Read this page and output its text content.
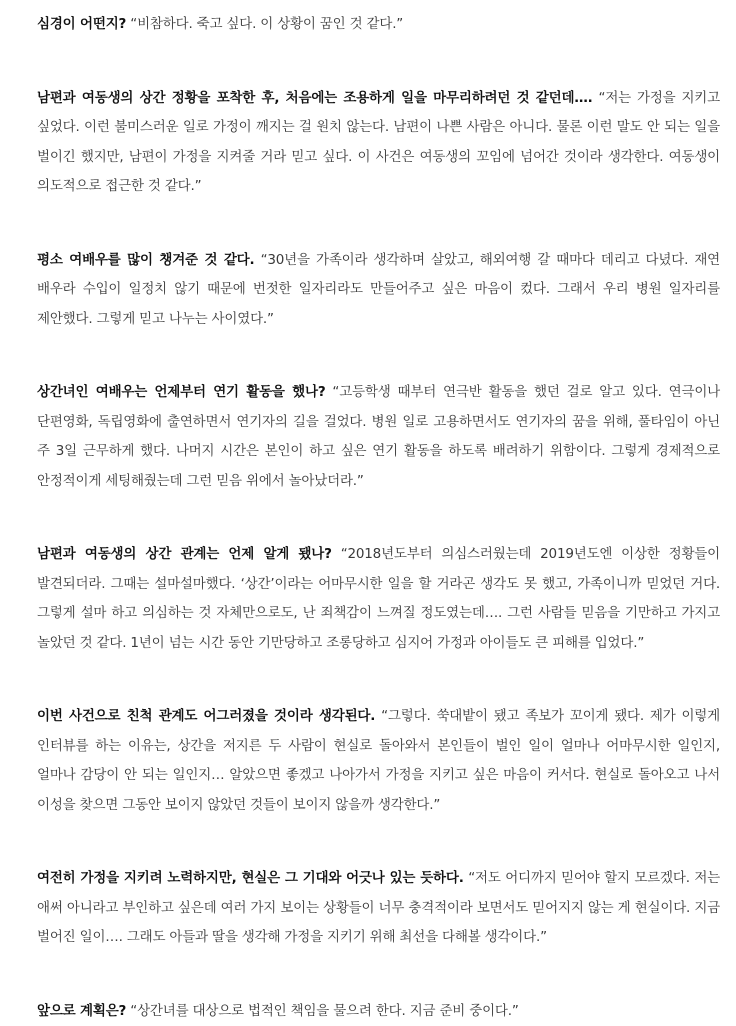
심경이 어떤지? “비참하다. 죽고 싶다. 이 상황이 꿈인 것 같다.”

남편과 여동생의 상간 정황을 포착한 후, 처음에는 조용하게 일을 마무리하려던 것 같던데…. “저는 가정을 지키고 싶었다. 이런 불미스러운 일로 가정이 깨지는 걸 원치 않는다. 남편이 나쁜 사람은 아니다. 물론 이런 말도 안 되는 일을 벌이긴 했지만, 남편이 가정을 지켜줄 거라 믿고 싶다. 이 사건은 여동생의 꼬임에 넘어간 것이라 생각한다. 여동생이 의도적으로 접근한 것 같다.”

평소 여배우를 많이 챙겨준 것 같다. “30년을 가족이라 생각하며 살았고, 해외여행 갈 때마다 데리고 다녔다. 재연 배우라 수입이 일정치 않기 때문에 번젓한 일자리라도 만들어주고 싶은 마음이 컸다. 그래서 우리 병원 일자리를 제안했다. 그렇게 믿고 나누는 사이였다.”

상간녀인 여배우는 언제부터 연기 활동을 했나? “고등학생 때부터 연극반 활동을 했던 걸로 알고 있다. 연극이나 단편영화, 독립영화에 출연하면서 연기자의 길을 걸었다. 병원 일로 고용하면서도 연기자의 꿈을 위해, 풀타임이 아닌 주 3일 근무하게 했다. 나머지 시간은 본인이 하고 싶은 연기 활동을 하도록 배려하기 위함이다. 그렇게 경제적으로 안정적이게 세팅해줬는데 그런 믿음 위에서 놀아났더라.”

남편과 여동생의 상간 관계는 언제 알게 됐나? “2018년도부터 의심스러웠는데 2019년도엔 이상한 정황들이 발견되더라. 그때는 설마설마했다. ‘상간’이라는 어마무시한 일을 할 거라곤 생각도 못 했고, 가족이니까 믿었던 거다. 그렇게 설마 하고 의심하는 것 자체만으로도, 난 죄책감이 느껴질 정도였는데…. 그런 사람들 믿음을 기만하고 가지고 놀았던 것 같다. 1년이 넘는 시간 동안 기만당하고 조롱당하고 심지어 가정과 아이들도 큰 피해를 입었다.”

이번 사건으로 친척 관계도 어그러졌을 것이라 생각된다. “그렇다. 쑥대밭이 됐고 족보가 꼬이게 됐다. 제가 이렇게 인터뷰를 하는 이유는, 상간을 저지른 두 사람이 현실로 돌아와서 본인들이 벌인 일이 얼마나 어마무시한 일인지, 얼마나 감당이 안 되는 일인지… 알았으면 좋겠고 나아가서 가정을 지키고 싶은 마음이 커서다. 현실로 돌아오고 나서 이성을 찾으면 그동안 보이지 않았던 것들이 보이지 않을까 생각한다.”

여전히 가정을 지키려 노력하지만, 현실은 그 기대와 어긋나 있는 듯하다. “저도 어디까지 믿어야 할지 모르겠다. 저는 애써 아니라고 부인하고 싶은데 여러 가지 보이는 상황들이 너무 충격적이라 보면서도 믿어지지 않는 게 현실이다. 지금 벌어진 일이…. 그래도 아들과 딸을 생각해 가정을 지키기 위해 최선을 다해볼 생각이다.”

앞으로 계획은? “상간녀를 대상으로 법적인 책임을 물으려 한다. 지금 준비 중이다.”
